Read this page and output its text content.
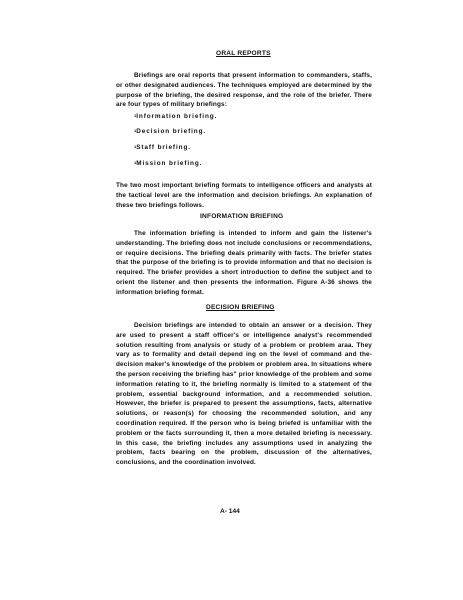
ORAL REPORTS
Briefings are oral reports that present information to commanders, staffs, or other designated audiences. The techniques employed are determined by the purpose of the briefing, the desired response, and the role of the briefer. There are four types of military briefings:
$^1$Information briefing.
$^1$Decision briefing.
$^1$Staff briefing.
$^1$Mission briefing.
The two most important briefing formats to intelligence officers and analysts at the tactical level are the information and decision briefings. An explanation of these two briefings follows.
INFORMATION BRIEFING
The information briefing is intended to inform and gain the listener's understanding. The briefing does not include conclusions or recommendations, or require decisions. The briefing deals primarily with facts. The briefer states that the purpose of the briefing is to provide information and that no decision is required. The briefer provides a short introduction to define the subject and to orient the listener and then presents the information. Figure A-36 shows the information briefing format.
DECISION BRIEFING
Decision briefings are intended to obtain an answer or a decision. They are used to present a staff officer's or intelligence analyst's recommended solution resulting from analysis or study of a problem or problem araa. They vary as to formality and detail depend ing on the level of command and the-decision maker's knowledge of the problem or problem area. In situations where the person receiving the briefing has" prior knowledge of the problem and some information relating to it, the briefing normally is limited to a statement of the problem, essential background information, and a recommended solution. However, the briefer is prepared to present the assumptions, facts, alternative solutions, or reason(s) for choosing the recommended solution, and any coordination required. If the person who is being briefed is unfamiliar with the problem or the facts surrounding it, then a more detailed briefing is necessary. In this case, the briefing includes any assumptions used in analyzing the problem, facts bearing on the problem, discussion of the alternatives, conclusions, and the coordination involved.
A- 144
